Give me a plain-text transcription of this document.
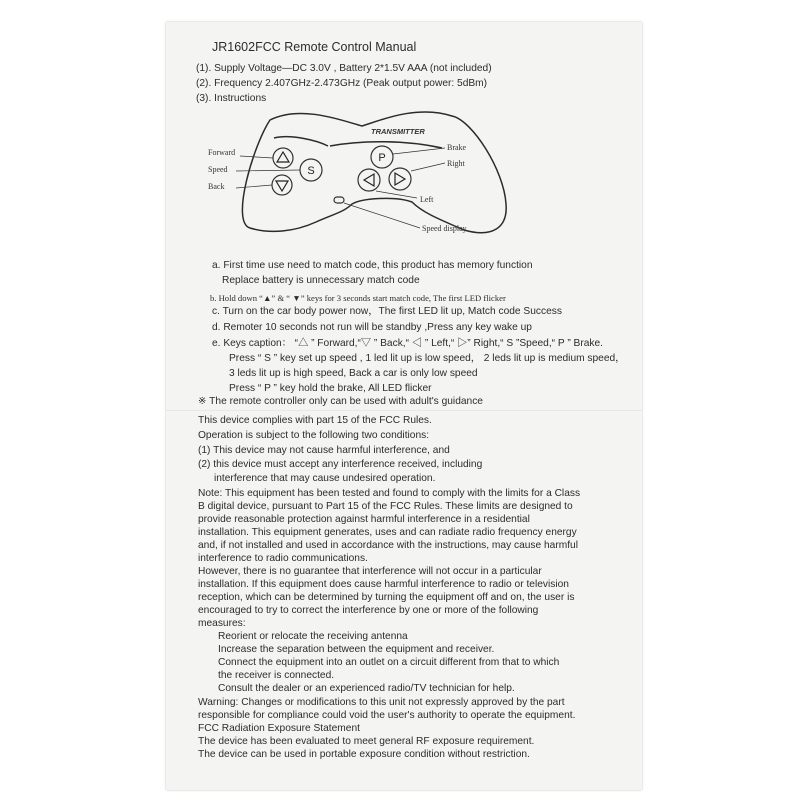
JR1602FCC Remote Control Manual
(1). Supply Voltage—DC 3.0V , Battery 2*1.5V AAA (not included)
(2). Frequency 2.407GHz-2.473GHz (Peak output power: 5dBm)
(3). Instructions
TRANSMITTER
S
P
Forward
Speed
Back
Brake
Right
Left
Speed display
a. First time use need to match code, this product has memory function
Replace battery is unnecessary match code
b. Hold down “▲” & “ ▼” keys for 3 seconds start match code, The first LED flicker
c. Turn on the car body power now，The first LED lit up, Match code Success
d. Remoter 10 seconds not run will be standby ,Press any key wake up
e. Keys caption： “△ ” Forward,“▽ ” Back,“ ◁ ” Left,“ ▷” Right,“ S ”Speed,“ P ” Brake.
Press “ S ” key set up speed , 1 led lit up is low speed， 2 leds lit up is medium speed，
3 leds lit up is high speed, Back a car is only low speed
Press “ P ” key hold the brake, All LED flicker
※ The remote controller only can be used with adult's guidance
This device complies with part 15 of the FCC Rules.
Operation is subject to the following two conditions:
(1) This device may not cause harmful interference, and
(2) this device must accept any interference received, including
interference that may cause undesired operation.
Note: This equipment has been tested and found to comply with the limits for a Class
B digital device, pursuant to Part 15 of the FCC Rules. These limits are designed to
provide reasonable protection against harmful interference in a residential
installation. This equipment generates, uses and can radiate radio frequency energy
and, if not installed and used in accordance with the instructions, may cause harmful
interference to radio communications.
However, there is no guarantee that interference will not occur in a particular
installation. If this equipment does cause harmful interference to radio or television
reception, which can be determined by turning the equipment off and on, the user is
encouraged to try to correct the interference by one or more of the following
measures:
Reorient or relocate the receiving antenna
Increase the separation between the equipment and receiver.
Connect the equipment into an outlet on a circuit different from that to which
the receiver is connected.
Consult the dealer or an experienced radio/TV technician for help.
Warning: Changes or modifications to this unit not expressly approved by the part
responsible for compliance could void the user's authority to operate the equipment.
FCC Radiation Exposure Statement
The device has been evaluated to meet general RF exposure requirement.
The device can be used in portable exposure condition without restriction.
